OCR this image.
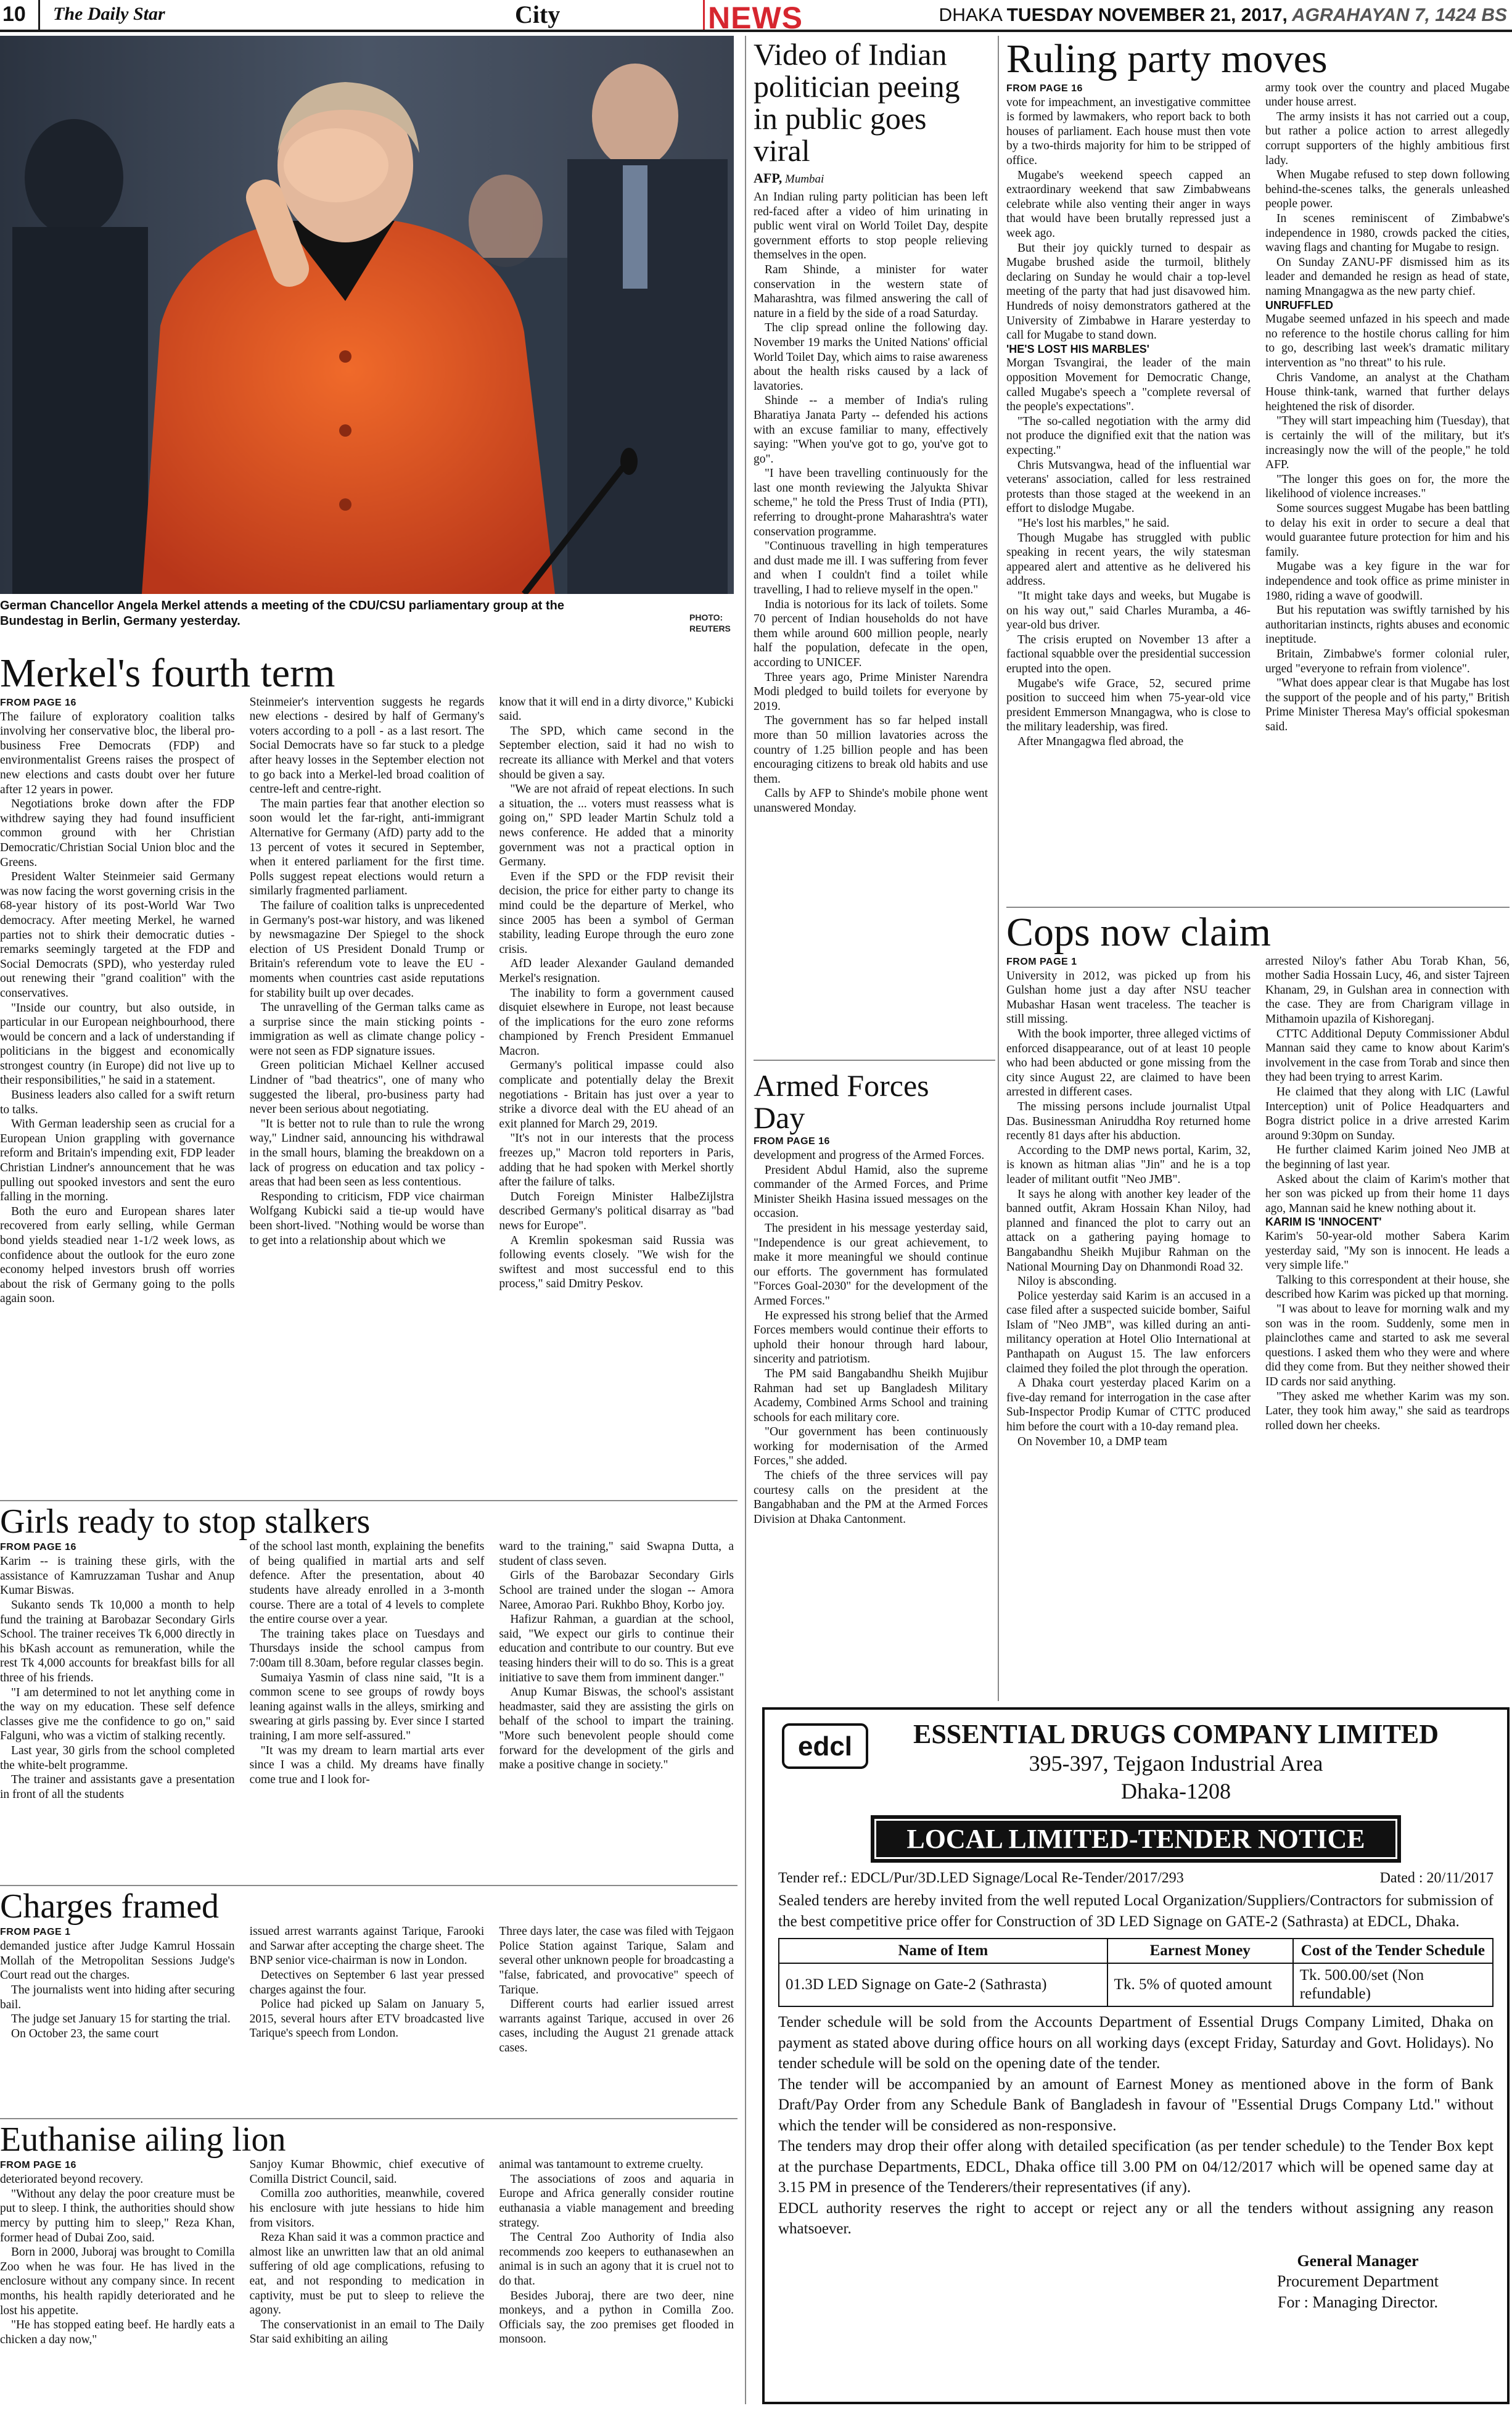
10 The Daily Star	City	NEWS	DHAKA TUESDAY NOVEMBER 21, 2017, AGRAHAYAN 7, 1424 BS
German Chancellor Angela Merkel attends a meeting of the CDU/CSU parliamentary group at the Bundestag in Berlin, Germany yesterday.	PHOTO:
REUTERS
Merkel's fourth term
FROM PAGE 16

The failure of exploratory coalition talks involving her conservative bloc, the liberal pro-business Free Democrats (FDP) and environmentalist Greens raises the prospect of new elections and casts doubt over her future after 12 years in power.

Negotiations broke down after the FDP withdrew saying they had found insufficient common ground with her Christian Democratic/Christian Social Union bloc and the Greens.

President Walter Steinmeier said Germany was now facing the worst governing crisis in the 68-year history of its post-World War Two democracy. After meeting Merkel, he warned parties not to shirk their democratic duties - remarks seemingly targeted at the FDP and Social Democrats (SPD), who yesterday ruled out renewing their "grand coalition" with the conservatives.

"Inside our country, but also outside, in particular in our European neighbourhood, there would be concern and a lack of understanding if politicians in the biggest and economically strongest country (in Europe) did not live up to their responsibilities," he said in a statement.

Business leaders also called for a swift return to talks.

With German leadership seen as crucial for a European Union grappling with governance reform and Britain's impending exit, FDP leader Christian Lindner's announcement that he was pulling out spooked investors and sent the euro falling in the morning.

Both the euro and European shares later recovered from early selling, while German bond yields steadied near 1-1/2 week lows, as confidence about the outlook for the euro zone economy helped investors brush off worries about the risk of Germany going to the polls again soon.

Steinmeier's intervention suggests he regards new elections - desired by half of Germany's voters according to a poll - as a last resort. The Social Democrats have so far stuck to a pledge after heavy losses in the September election not to go back into a Merkel-led broad coalition of centre-left and centre-right.

The main parties fear that another election so soon would let the far-right, anti-immigrant Alternative for Germany (AfD) party add to the 13 percent of votes it secured in September, when it entered parliament for the first time. Polls suggest repeat elections would return a similarly fragmented parliament.

The failure of coalition talks is unprecedented in Germany's post-war history, and was likened by newsmagazine Der Spiegel to the shock election of US President Donald Trump or Britain's referendum vote to leave the EU - moments when countries cast aside reputations for stability built up over decades.

The unravelling of the German talks came as a surprise since the main sticking points - immigration as well as climate change policy - were not seen as FDP signature issues.

Green politician Michael Kellner accused Lindner of "bad theatrics", one of many who suggested the liberal, pro-business party had never been serious about negotiating.

"It is better not to rule than to rule the wrong way," Lindner said, announcing his withdrawal in the small hours, blaming the breakdown on a lack of progress on education and tax policy - areas that had been seen as less contentious.

Responding to criticism, FDP vice chairman Wolfgang Kubicki said a tie-up would have been short-lived. "Nothing would be worse than to get into a relationship about which we

know that it will end in a dirty divorce," Kubicki said.

The SPD, which came second in the September election, said it had no wish to recreate its alliance with Merkel and that voters should be given a say.

"We are not afraid of repeat elections. In such a situation, the ... voters must reassess what is going on," SPD leader Martin Schulz told a news conference. He added that a minority government was not a practical option in Germany.

Even if the SPD or the FDP revisit their decision, the price for either party to change its mind could be the departure of Merkel, who since 2005 has been a symbol of German stability, leading Europe through the euro zone crisis.

AfD leader Alexander Gauland demanded Merkel's resignation.

The inability to form a government caused disquiet elsewhere in Europe, not least because of the implications for the euro zone reforms championed by French President Emmanuel Macron.

Germany's political impasse could also complicate and potentially delay the Brexit negotiations - Britain has just over a year to strike a divorce deal with the EU ahead of an exit planned for March 29, 2019.

"It's not in our interests that the process freezes up," Macron told reporters in Paris, adding that he had spoken with Merkel shortly after the failure of talks.

Dutch Foreign Minister HalbeZijlstra described Germany's political disarray as "bad news for Europe".

A Kremlin spokesman said Russia was following events closely. "We wish for the swiftest and most successful end to this process," said Dmitry Peskov.

Girls ready to stop stalkers
FROM PAGE 16

Karim -- is training these girls, with the assistance of Kamruzzaman Tushar and Anup Kumar Biswas.

Sukanto sends Tk 10,000 a month to help fund the training at Barobazar Secondary Girls School. The trainer receives Tk 6,000 directly in his bKash account as remuneration, while the rest Tk 4,000 accounts for breakfast bills for all three of his friends.

"I am determined to not let anything come in the way on my education. These self defence classes give me the confidence to go on," said Falguni, who was a victim of stalking recently.

Last year, 30 girls from the school completed the white-belt programme.

The trainer and assistants gave a presentation in front of all the students

of the school last month, explaining the benefits of being qualified in martial arts and self defence. After the presentation, about 40 students have already enrolled in a 3-month course. There are a total of 4 levels to complete the entire course over a year.

The training takes place on Tuesdays and Thursdays inside the school campus from 7:00am till 8.30am, before regular classes begin.

Sumaiya Yasmin of class nine said, "It is a common scene to see groups of rowdy boys leaning against walls in the alleys, smirking and swearing at girls passing by. Ever since I started training, I am more self-assured."

"It was my dream to learn martial arts ever since I was a child. My dreams have finally come true and I look for-

ward to the training," said Swapna Dutta, a student of class seven.

Girls of the Barobazar Secondary Girls School are trained under the slogan -- Amora Naree, Amorao Pari. Rukhbo Bhoy, Korbo joy.

Hafizur Rahman, a guardian at the school, said, "We expect our girls to continue their education and contribute to our country. But eve teasing hinders their will to do so. This is a great initiative to save them from imminent danger."

Anup Kumar Biswas, the school's assistant headmaster, said they are assisting the girls on behalf of the school to impart the training. "More such benevolent people should come forward for the development of the girls and make a positive change in society."

Charges framed
FROM PAGE 1

demanded justice after Judge Kamrul Hossain Mollah of the Metropolitan Sessions Judge's Court read out the charges.

The journalists went into hiding after securing bail.

The judge set January 15 for starting the trial.

On October 23, the same court

issued arrest warrants against Tarique, Farooki and Sarwar after accepting the charge sheet. The BNP senior vice-chairman is now in London.

Detectives on September 6 last year pressed charges against the four.

Police had picked up Salam on January 5, 2015, several hours after ETV broadcasted live Tarique's speech from London.

Three days later, the case was filed with Tejgaon Police Station against Tarique, Salam and several other unknown people for broadcasting a "false, fabricated, and provocative" speech of Tarique.

Different courts had earlier issued arrest warrants against Tarique, accused in over 26 cases, including the August 21 grenade attack cases.

Euthanise ailing lion
FROM PAGE 16

deteriorated beyond recovery.

"Without any delay the poor creature must be put to sleep. I think, the authorities should show mercy by putting him to sleep," Reza Khan, former head of Dubai Zoo, said.

Born in 2000, Juboraj was brought to Comilla Zoo when he was four. He has lived in the enclosure without any company since. In recent months, his health rapidly deteriorated and he lost his appetite.

"He has stopped eating beef. He hardly eats a chicken a day now,"

Sanjoy Kumar Bhowmic, chief executive of Comilla District Council, said.

Comilla zoo authorities, meanwhile, covered his enclosure with jute hessians to hide him from visitors.

Reza Khan said it was a common practice and almost like an unwritten law that an old animal suffering of old age complications, refusing to eat, and not responding to medication in captivity, must be put to sleep to relieve the agony.

The conservationist in an email to The Daily Star said exhibiting an ailing

animal was tantamount to extreme cruelty.

The associations of zoos and aquaria in Europe and Africa generally consider routine euthanasia a viable management and breeding strategy.

The Central Zoo Authority of India also recommends zoo keepers to euthanasewhen an animal is in such an agony that it is cruel not to do that.

Besides Juboraj, there are two deer, nine monkeys, and a python in Comilla Zoo. Officials say, the zoo premises get flooded in monsoon.

Video of Indian politician peeing in public goes viral
AFP, Mumbai

An Indian ruling party politician has been left red-faced after a video of him urinating in public went viral on World Toilet Day, despite government efforts to stop people relieving themselves in the open.

Ram Shinde, a minister for water conservation in the western state of Maharashtra, was filmed answering the call of nature in a field by the side of a road Saturday.

The clip spread online the following day. November 19 marks the United Nations' official World Toilet Day, which aims to raise awareness about the health risks caused by a lack of lavatories.

Shinde -- a member of India's ruling Bharatiya Janata Party -- defended his actions with an excuse familiar to many, effectively saying: "When you've got to go, you've got to go".

"I have been travelling continuously for the last one month reviewing the Jalyukta Shivar scheme," he told the Press Trust of India (PTI), referring to drought-prone Maharashtra's water conservation programme.

"Continuous travelling in high temperatures and dust made me ill. I was suffering from fever and when I couldn't find a toilet while travelling, I had to relieve myself in the open."

India is notorious for its lack of toilets. Some 70 percent of Indian households do not have them while around 600 million people, nearly half the population, defecate in the open, according to UNICEF.

Three years ago, Prime Minister Narendra Modi pledged to build toilets for everyone by 2019.

The government has so far helped install more than 50 million lavatories across the country of 1.25 billion people and has been encouraging citizens to break old habits and use them.

Calls by AFP to Shinde's mobile phone went unanswered Monday.

Armed Forces Day
FROM PAGE 16

development and progress of the Armed Forces.

President Abdul Hamid, also the supreme commander of the Armed Forces, and Prime Minister Sheikh Hasina issued messages on the occasion.

The president in his message yesterday said, "Independence is our great achievement, to make it more meaningful we should continue our efforts. The government has formulated "Forces Goal-2030" for the development of the Armed Forces."

He expressed his strong belief that the Armed Forces members would continue their efforts to uphold their honour through hard labour, sincerity and patriotism.

The PM said Bangabandhu Sheikh Mujibur Rahman had set up Bangladesh Military Academy, Combined Arms School and training schools for each military core.

"Our government has been continuously working for modernisation of the Armed Forces," she added.

The chiefs of the three services will pay courtesy calls on the president at the Bangabhaban and the PM at the Armed Forces Division at Dhaka Cantonment.

Ruling party moves
FROM PAGE 16

vote for impeachment, an investigative committee is formed by lawmakers, who report back to both houses of parliament. Each house must then vote by a two-thirds majority for him to be stripped of office.

Mugabe's weekend speech capped an extraordinary weekend that saw Zimbabweans celebrate while also venting their anger in ways that would have been brutally repressed just a week ago.

But their joy quickly turned to despair as Mugabe brushed aside the turmoil, blithely declaring on Sunday he would chair a top-level meeting of the party that had just disavowed him. Hundreds of noisy demonstrators gathered at the University of Zimbabwe in Harare yesterday to call for Mugabe to stand down.

'HE'S LOST HIS MARBLES'

Morgan Tsvangirai, the leader of the main opposition Movement for Democratic Change, called Mugabe's speech a "complete reversal of the people's expectations".

"The so-called negotiation with the army did not produce the dignified exit that the nation was expecting."

Chris Mutsvangwa, head of the influential war veterans' association, called for less restrained protests than those staged at the weekend in an effort to dislodge Mugabe.

"He's lost his marbles," he said.

Though Mugabe has struggled with public speaking in recent years, the wily statesman appeared alert and attentive as he delivered his address.

"It might take days and weeks, but Mugabe is on his way out," said Charles Muramba, a 46-year-old bus driver.

The crisis erupted on November 13 after a factional squabble over the presidential succession erupted into the open.

Mugabe's wife Grace, 52, secured prime position to succeed him when 75-year-old vice president Emmerson Mnangagwa, who is close to the military leadership, was fired.

After Mnangagwa fled abroad, the

army took over the country and placed Mugabe under house arrest.

The army insists it has not carried out a coup, but rather a police action to arrest allegedly corrupt supporters of the highly ambitious first lady.

When Mugabe refused to step down following behind-the-scenes talks, the generals unleashed people power.

In scenes reminiscent of Zimbabwe's independence in 1980, crowds packed the cities, waving flags and chanting for Mugabe to resign.

On Sunday ZANU-PF dismissed him as its leader and demanded he resign as head of state, naming Mnangagwa as the new party chief.

UNRUFFLED

Mugabe seemed unfazed in his speech and made no reference to the hostile chorus calling for him to go, describing last week's dramatic military intervention as "no threat" to his rule.

Chris Vandome, an analyst at the Chatham House think-tank, warned that further delays heightened the risk of disorder.

"They will start impeaching him (Tuesday), that is certainly the will of the military, but it's increasingly now the will of the people," he told AFP.

"The longer this goes on for, the more the likelihood of violence increases."

Some sources suggest Mugabe has been battling to delay his exit in order to secure a deal that would guarantee future protection for him and his family.

Mugabe was a key figure in the war for independence and took office as prime minister in 1980, riding a wave of goodwill.

But his reputation was swiftly tarnished by his authoritarian instincts, rights abuses and economic ineptitude.

Britain, Zimbabwe's former colonial ruler, urged "everyone to refrain from violence".

"What does appear clear is that Mugabe has lost the support of the people and of his party," British Prime Minister Theresa May's official spokesman said.

Cops now claim
FROM PAGE 1

University in 2012, was picked up from his Gulshan home just a day after NSU teacher Mubashar Hasan went traceless. The teacher is still missing.

With the book importer, three alleged victims of enforced disappearance, out of at least 10 people who had been abducted or gone missing from the city since August 22, are claimed to have been arrested in different cases.

The missing persons include journalist Utpal Das. Businessman Aniruddha Roy returned home recently 81 days after his abduction.

According to the DMP news portal, Karim, 32, is known as hitman alias "Jin" and he is a top leader of militant outfit "Neo JMB".

It says he along with another key leader of the banned outfit, Akram Hossain Khan Niloy, had planned and financed the plot to carry out an attack on a gathering paying homage to Bangabandhu Sheikh Mujibur Rahman on the National Mourning Day on Dhanmondi Road 32.

Niloy is absconding.

Police yesterday said Karim is an accused in a case filed after a suspected suicide bomber, Saiful Islam of "Neo JMB", was killed during an anti-militancy operation at Hotel Olio International at Panthapath on August 15. The law enforcers claimed they foiled the plot through the operation.

A Dhaka court yesterday placed Karim on a five-day remand for interrogation in the case after Sub-Inspector Prodip Kumar of CTTC produced him before the court with a 10-day remand plea.

On November 10, a DMP team

arrested Niloy's father Abu Torab Khan, 56, mother Sadia Hossain Lucy, 46, and sister Tajreen Khanam, 29, in Gulshan area in connection with the case. They are from Charigram village in Mithamoin upazila of Kishoreganj.

CTTC Additional Deputy Commissioner Abdul Mannan said they came to know about Karim's involvement in the case from Torab and since then they had been trying to arrest Karim.

He claimed that they along with LIC (Lawful Interception) unit of Police Headquarters and Bogra district police in a drive arrested Karim around 9:30pm on Sunday.

He further claimed Karim joined Neo JMB at the beginning of last year.

Asked about the claim of Karim's mother that her son was picked up from their home 11 days ago, Mannan said he knew nothing about it.

KARIM IS 'INNOCENT'

Karim's 50-year-old mother Sabera Karim yesterday said, "My son is innocent. He leads a very simple life."

Talking to this correspondent at their house, she described how Karim was picked up that morning.

"I was about to leave for morning walk and my son was in the room. Suddenly, some men in plainclothes came and started to ask me several questions. I asked them who they were and where did they come from. But they neither showed their ID cards nor said anything.

"They asked me whether Karim was my son. Later, they took him away," she said as teardrops rolled down her cheeks.

edcl	ESSENTIAL DRUGS COMPANY LIMITED
395-397, Tejgaon Industrial Area
Dhaka-1208
LOCAL LIMITED-TENDER NOTICE
Tender ref.: EDCL/Pur/3D.LED Signage/Local Re-Tender/2017/293	Dated : 20/11/2017
Sealed tenders are hereby invited from the well reputed Local Organization/Suppliers/Contractors for submission of the best competitive price offer for Construction of 3D LED Signage on GATE-2 (Sathrasta) at EDCL, Dhaka.
Name of Item	Earnest Money	Cost of the Tender Schedule
01.3D LED Signage on Gate-2 (Sathrasta)	Tk. 5% of quoted amount	Tk. 500.00/set (Non refundable)
Tender schedule will be sold from the Accounts Department of Essential Drugs Company Limited, Dhaka on payment as stated above during office hours on all working days (except Friday, Saturday and Govt. Holidays). No tender schedule will be sold on the opening date of the tender.
The tender will be accompanied by an amount of Earnest Money as mentioned above in the form of Bank Draft/Pay Order from any Schedule Bank of Bangladesh in favour of "Essential Drugs Company Ltd." without which the tender will be considered as non-responsive.
The tenders may drop their offer along with detailed specification (as per tender schedule) to the Tender Box kept at the purchase Departments, EDCL, Dhaka office till 3.00 PM on 04/12/2017 which will be opened same day at 3.15 PM in presence of the Tenderers/their representatives (if any).
EDCL authority reserves the right to accept or reject any or all the tenders without assigning any reason whatsoever.
General Manager
Procurement Department
For : Managing Director.
